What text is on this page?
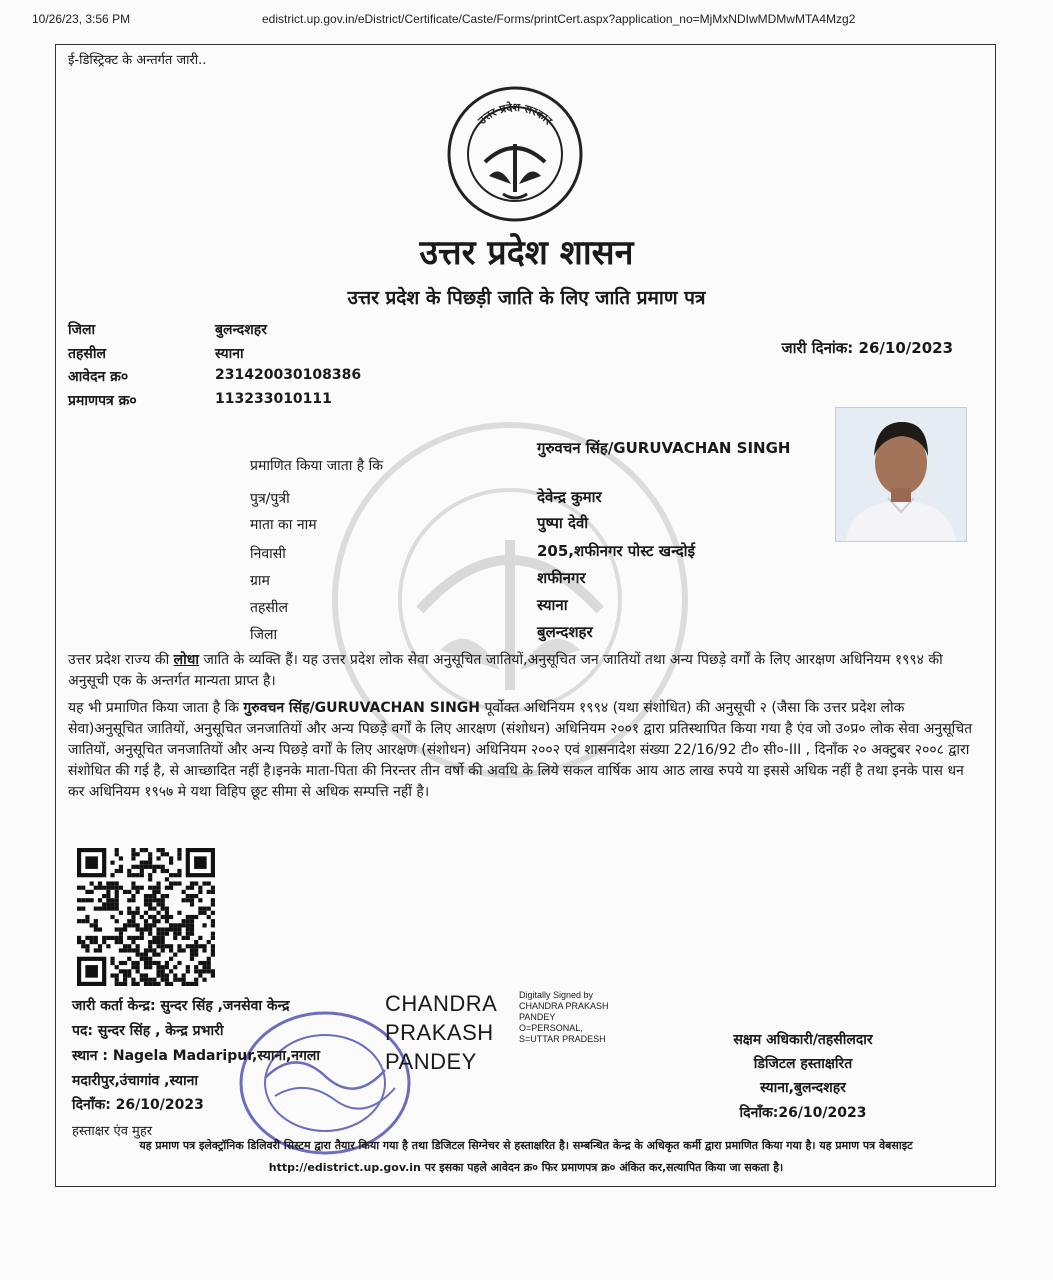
10/26/23, 3:56 PM	edistrict.up.gov.in/eDistrict/Certificate/Caste/Forms/printCert.aspx?application_no=MjMxNDIwMDMwMTA4Mzg2
ई-डिस्ट्रिक्ट के अन्तर्गत जारी..
उत्तर प्रदेश सरकार
उत्तर प्रदेश शासन
उत्तर प्रदेश के पिछड़ी जाति के लिए जाति प्रमाण पत्र
जिला	बुलन्दशहर
तहसील	स्याना
आवेदन क्र०	231420030108386
प्रमाणपत्र क्र०	113233010111
जारी दिनांक: 26/10/2023
प्रमाणित किया जाता है कि
गुरुवचन सिंह/GURUVACHAN SINGH
पुत्र/पुत्री	देवेन्द्र कुमार
माता का नाम	पुष्पा देवी
निवासी	205,शफीनगर पोस्ट खन्दोई
ग्राम	शफीनगर
तहसील	स्याना
जिला	बुलन्दशहर
उत्तर प्रदेश राज्य की लोधा जाति के व्यक्ति हैं। यह उत्तर प्रदेश लोक सेवा अनुसूचित जातियों,अनुसूचित जन जातियों तथा अन्य पिछड़े वर्गों के लिए आरक्षण अधिनियम १९९४ की अनुसूची एक के अन्तर्गत मान्यता प्राप्त है।
यह भी प्रमाणित किया जाता है कि गुरुवचन सिंह/GURUVACHAN SINGH पूर्वोक्त अधिनियम १९९४ (यथा संशोधित) की अनुसूची २ (जैसा कि उत्तर प्रदेश लोक सेवा)अनुसूचित जातियों, अनुसूचित जनजातियों और अन्य पिछड़े वर्गों के लिए आरक्षण (संशोधन) अधिनियम २००१ द्वारा प्रतिस्थापित किया गया है एंव जो उ०प्र० लोक सेवा अनुसूचित जातियों, अनुसूचित जनजातियों और अन्य पिछड़े वर्गों के लिए आरक्षण (संशोधन) अधिनियम २००२ एवं शासनादेश संख्या 22/16/92 टी० सी०-III , दिनाँक २० अक्टुबर २००८ द्वारा संशोधित की गई है, से आच्छादित नहीं है।इनके माता-पिता की निरन्तर तीन वर्षो की अवधि के लिये सकल वार्षिक आय आठ लाख रुपये या इससे अधिक नहीं है तथा इनके पास धन कर अधिनियम १९५७ मे यथा विहिप छूट सीमा से अधिक सम्पत्ति नहीं है।
जारी कर्ता केन्द्र: सुन्दर सिंह ,जनसेवा केन्द्र
पद: सुन्दर सिंह , केन्द्र प्रभारी
स्थान : Nagela Madaripur,स्याना,नगला
मदारीपुर,उंचागांव ,स्याना
दिनाँक: 26/10/2023
हस्ताक्षर एंव मुहर
CHANDRA
PRAKASH
PANDEY
Digitally Signed by
CHANDRA PRAKASH
PANDEY
O=PERSONAL,
S=UTTAR PRADESH	सक्षम अधिकारी/तहसीलदार
डिजिटल हस्ताक्षरित
स्याना,बुलन्दशहर
दिनाँक:26/10/2023
यह प्रमाण पत्र इलेक्ट्रॉनिक डिलिवरी सिस्टम द्वारा तैयार किया गया है तथा डिजिटल सिग्नेचर से हस्ताक्षरित है। सम्बन्धित केन्द्र के अधिकृत कर्मी द्वारा प्रमाणित किया गया है। यह प्रमाण पत्र वेबसाइट http://edistrict.up.gov.in पर इसका पहले आवेदन क्र० फिर प्रमाणपत्र क्र० अंकित कर,सत्यापित किया जा सकता है।
